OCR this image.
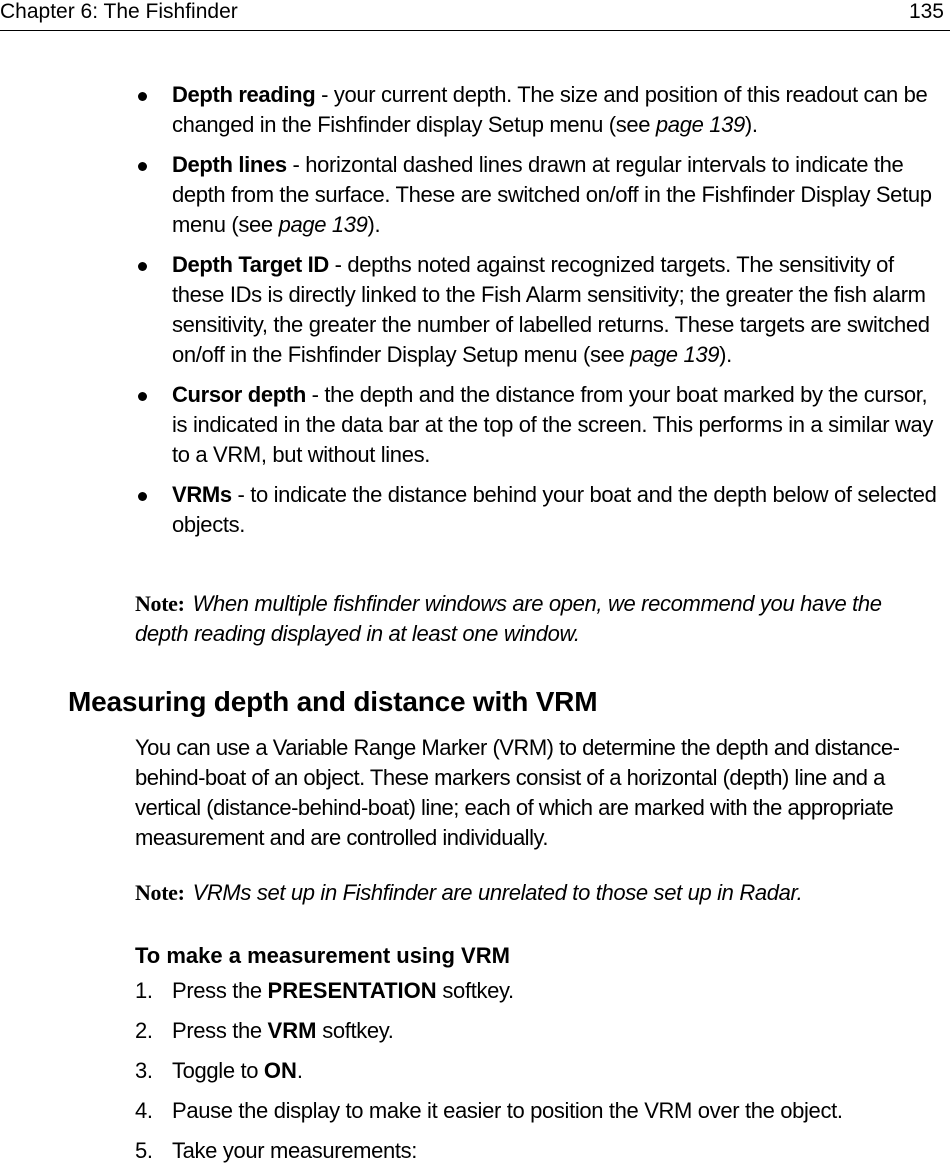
Chapter 6: The Fishfinder	135
Depth reading - your current depth. The size and position of this readout can be changed in the Fishfinder display Setup menu (see page 139).
Depth lines - horizontal dashed lines drawn at regular intervals to indicate the depth from the surface. These are switched on/off in the Fishfinder Display Setup menu (see page 139).
Depth Target ID - depths noted against recognized targets. The sensitivity of these IDs is directly linked to the Fish Alarm sensitivity; the greater the fish alarm sensitivity, the greater the number of labelled returns. These targets are switched on/off in the Fishfinder Display Setup menu (see page 139).
Cursor depth - the depth and the distance from your boat marked by the cursor, is indicated in the data bar at the top of the screen. This performs in a similar way to a VRM, but without lines.
VRMs - to indicate the distance behind your boat and the depth below of selected objects.
Note: When multiple fishfinder windows are open, we recommend you have the depth reading displayed in at least one window.
Measuring depth and distance with VRM

You can use a Variable Range Marker (VRM) to determine the depth and distance-behind-boat of an object. These markers consist of a horizontal (depth) line and a vertical (distance-behind-boat) line; each of which are marked with the appropriate measurement and are controlled individually.

Note: VRMs set up in Fishfinder are unrelated to those set up in Radar.
To make a measurement using VRM
1. Press the PRESENTATION softkey.
2. Press the VRM softkey.
3. Toggle to ON.
4. Pause the display to make it easier to position the VRM over the object.
5. Take your measurements:
